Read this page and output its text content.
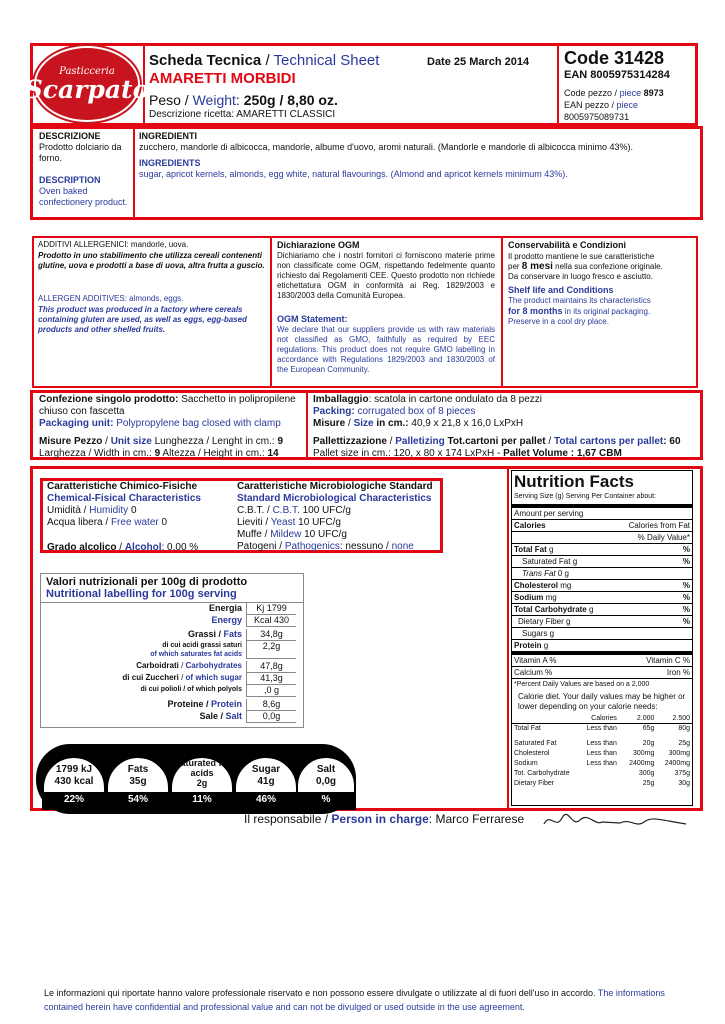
Pasticceria
Scarpato
Scheda Tecnica / Technical Sheet	Date 25 March 2014
AMARETTI MORBIDI
Peso / Weight: 250g / 8,80 oz.
Descrizione ricetta: AMARETTI CLASSICI
Code 31428
EAN 8005975314284
Code pezzo / piece 8973
EAN pezzo / piece
8005975089731
DESCRIZIONE
Prodotto dolciario da forno.
DESCRIPTION
Oven baked confectionery product.
INGREDIENTI
zucchero, mandorle di albicocca, mandorle, albume d'uovo, aromi naturali. (Mandorle e mandorle di albicocca minimo 43%).
INGREDIENTS
sugar, apricot kernels, almonds, egg white, natural flavourings. (Almond and apricot kernels minimum 43%).
ADDITIVI ALLERGENICI: mandorle, uova.
Prodotto in uno stabilimento che utilizza cereali contenenti glutine, uova e prodotti a base di uova, altra frutta a guscio.
ALLERGEN ADDITIVES: almonds, eggs.
This product was produced in a factory where cereals containing gluten are used, as well as eggs, egg-based products and other shelled fruits.
Dichiarazione OGM
Dichiariamo che i nostri fornitori ci forniscono materie prime non classificate come OGM, rispettando fedelmente quanto richiesto dai Regolamenti CEE. Questo prodotto non richiede etichettatura OGM in conformità ai Reg. 1829/2003 e 1830/2003 della Comunità Europea.
OGM Statement:
We declare that our suppliers provide us with raw materials not classified as GMO, faithfully as required by EEC regulations. This product does not require GMO labelling in accordance with Regulations 1829/2003 and 1830/2003 of the European Community.
Conservabilità e Condizioni
Il prodotto mantiene le sue caratteristiche
per 8 mesi nella sua confezione originale.
Da conservare in luogo fresco e asciutto.
Shelf life and Conditions
The product maintains its characteristics
for 8 months in its original packaging.
Preserve in a cool dry place.
Confezione singolo prodotto: Sacchetto in polipropilene chiuso con fascetta
Packaging unit: Polypropylene bag closed with clamp
Misure Pezzo / Unit size Lunghezza / Lenght in cm.: 9
Larghezza / Width in cm.: 9 Altezza / Height in cm.: 14
Imballaggio: scatola in cartone ondulato da 8 pezzi
Packing: corrugated box of 8 pieces
Misure / Size in cm.: 40,9 x 21,8 x 16,0 LxPxH
Pallettizzazione / Palletizing Tot.cartoni per pallet / Total cartons per pallet: 60
Pallet size in cm.: 120, x 80 x 174 LxPxH - Pallet Volume : 1,67 CBM
Caratteristiche Chimico-Fisiche
Chemical-Fisical Characteristics
Umidità / Humidity 0
Acqua libera / Free water 0
Grado alcolico / Alcohol: 0,00 %
Caratteristiche Microbiologiche Standard
Standard Microbiological Characteristics
C.B.T. / C.B.T. 100 UFC/g
Lieviti / Yeast 10 UFC/g
Muffe / Mildew 10 UFC/g
Patogeni / Pathogenics: nessuno / none
Valori nutrizionali per 100g di prodotto
Nutritional labelling for 100g serving
Energia	Kj 1799
Energy	Kcal 430
Grassi / Fats	34,8g
di cui acidi grassi saturi
of which saturates fat acids
2,2g
Carboidrati / Carbohydrates	47,8g
di cui Zuccheri / of which sugar	41,3g
di cui polioli / of which polyols	,0 g
Proteine / Protein	8,6g
Sale / Salt	0,0g
1799 kJ
430 kcal
22%
Fats
35g
54%
Saturated fat acids
2g
11%
Sugar
41g
46%
Salt
0,0g
%
Nutrition Facts
Serving Size (g) Serving Per Container about:
Amount per serving
Calories	Calories from Fat
% Daily Value*
Total Fat g	%
Saturated Fat g	%
Trans Fat 0 g
Cholesterol mg	%
Sodium mg	%
Total Carbohydrate g	%
Dietary Fiber g	%
Sugars g
Protein g
Vitamin A %	Vitamin C %
Calcium %	Iron %
*Percent Daily Values are based on a 2,000
Calorie diet. Your daily values may be higher or lower depending on your calorie needs:
Calories	2.000	2.500
Total Fat	Less than	65g	80g
Saturated Fat	Less than	20g	25g
Cholesterol	Less than	300mg	300mg
Sodium	Less than	2400mg	2400mg
Tot. Carbohydrate	300g	375g
Dietary Fiber	25g	30g
Il responsabile / Person in charge: Marco Ferrarese
Le informazioni qui riportate hanno valore professionale riservato e non possono essere divulgate o utilizzate al di fuori dell'uso in accordo. The informations contained herein have confidential and professional value and can not be divulged or used outside in the use agreement.
